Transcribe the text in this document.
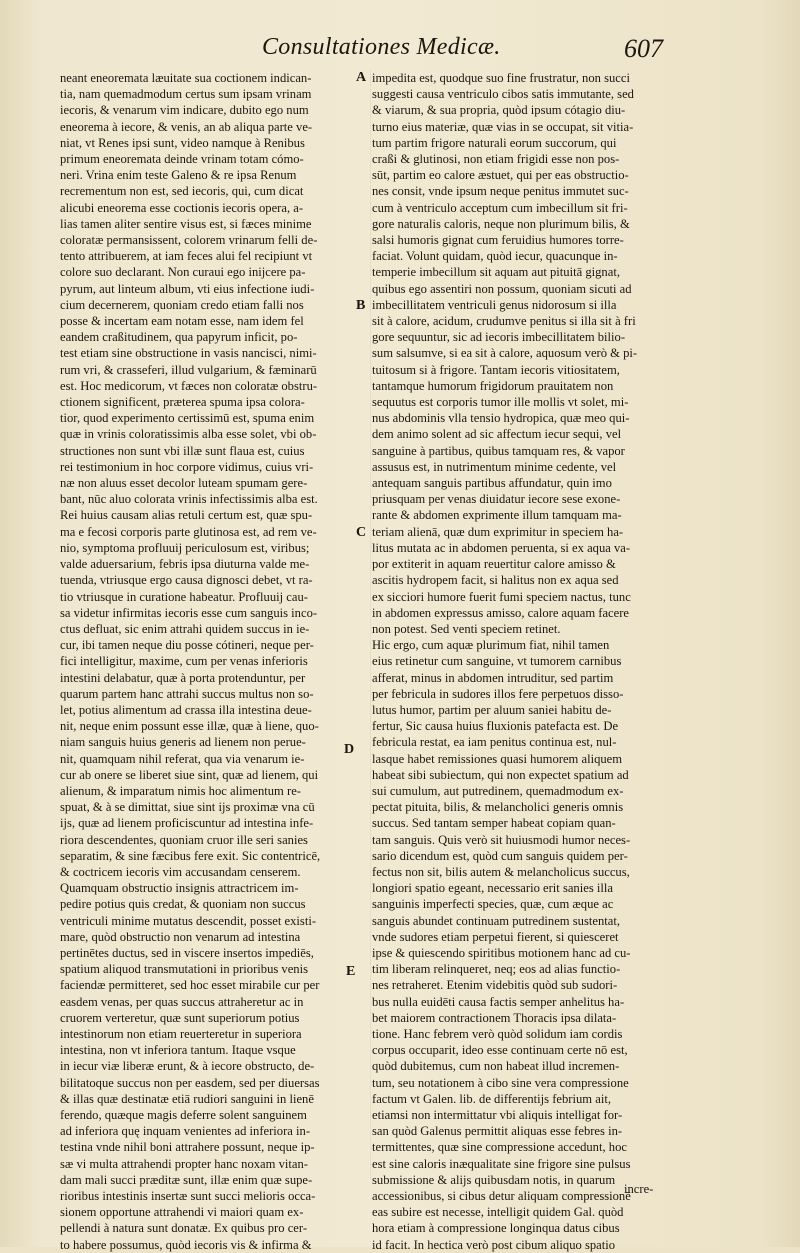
Consultationes Medicæ.	607
neant eneoremata læuitate sua coctionem indican-
tia, nam quemadmodum certus sum ipsam vrinam
iecoris, & venarum vim indicare, dubito ego num
eneorema à iecore, & venis, an ab aliqua parte ve-
niat, vt Renes ipsi sunt, video namque à Renibus
primum eneoremata deinde vrinam totam cómo-
neri. Vrina enim teste Galeno & re ipsa Renum
recrementum non est, sed iecoris, qui, cum dicat
alicubi eneorema esse coctionis iecoris opera, a-
lias tamen aliter sentire visus est, si fæces minime
coloratæ permansissent, colorem vrinarum felli de-
tento attribuerem, at iam feces alui fel recipiunt vt
colore suo declarant. Non curaui ego inijcere pa-
pyrum, aut linteum album, vti eius infectione iudi-
cium decernerem, quoniam credo etiam falli nos
posse & incertam eam notam esse, nam idem fel
eandem craßitudinem, qua papyrum inficit, po-
test etiam sine obstructione in vasis nancisci, nimi-
rum vri, & crasseferi, illud vulgarium, & fæminarū
est. Hoc medicorum, vt fæces non coloratæ obstru-
ctionem significent, præterea spuma ipsa colora-
tior, quod experimento certissimū est, spuma enim
quæ in vrinis coloratissimis alba esse solet, vbi ob-
structiones non sunt vbi illæ sunt flaua est, cuius
rei testimonium in hoc corpore vidimus, cuius vri-
næ non aluus esset decolor luteam spumam gere-
bant, nūc aluo colorata vrinis infectissimis alba est.
Rei huius causam alias retuli certum est, quæ spu-
ma e fecosi corporis parte glutinosa est, ad rem ve-
nio, symptoma profluuij periculosum est, viribus;
valde aduersarium, febris ipsa diuturna valde me-
tuenda, vtriusque ergo causa dignosci debet, vt ra-
tio vtriusque in curatione habeatur. Profluuij cau-
sa videtur infirmitas iecoris esse cum sanguis inco-
ctus defluat, sic enim attrahi quidem succus in ie-
cur, ibi tamen neque diu posse cótineri, neque per-
fici intelligitur, maxime, cum per venas inferioris
intestini delabatur, quæ à porta protenduntur, per
quarum partem hanc attrahi succus multus non so-
let, potius alimentum ad crassa illa intestina deue-
nit, neque enim possunt esse illæ, quæ à liene, quo-
niam sanguis huius generis ad lienem non perue-
nit, quamquam nihil referat, qua via venarum ie-
cur ab onere se liberet siue sint, quæ ad lienem, qui
alienum, & imparatum nimis hoc alimentum re-
spuat, & à se dimittat, siue sint ijs proximæ vna cū
ijs, quæ ad lienem proficiscuntur ad intestina infe-
riora descendentes, quoniam cruor ille seri sanies
separatim, & sine fæcibus fere exit. Sic contentricē,
& coctricem iecoris vim accusandam censerem.
Quamquam obstructio insignis attractricem im-
pedire potius quis credat, & quoniam non succus
ventriculi minime mutatus descendit, posset existi-
mare, quòd obstructio non venarum ad intestina
pertinētes ductus, sed in viscere insertos impediēs,
spatium aliquod transmutationi in prioribus venis
faciendæ permitteret, sed hoc esset mirabile cur per
easdem venas, per quas succus attraheretur ac in
cruorem verteretur, quæ sunt superiorum potius
intestinorum non etiam reuerteretur in superiora
intestina, non vt inferiora tantum. Itaque vsque
in iecur viæ liberæ erunt, & à iecore obstructo, de-
bilitatoque succus non per easdem, sed per diuersas
& illas quæ destinatæ etiā rudiori sanguini in lienē
ferendo, quæque magis deferre solent sanguinem
ad inferiora quę inquam venientes ad inferiora in-
testina vnde nihil boni attrahere possunt, neque ip-
sæ vi multa attrahendi propter hanc noxam vitan-
dam mali succi præditæ sunt, illæ enim quæ supe-
rioribus intestinis insertæ sunt succi melioris occa-
sionem opportune attrahendi vi maiori quam ex-
pellendi à natura sunt donatæ. Ex quibus pro cer-
to habere possumus, quòd iecoris vis & infirma &
impedita est, quodque suo fine frustratur, non succi
suggesti causa ventriculo cibos satis immutante, sed
& viarum, & sua propria, quòd ipsum cótagio diu-
turno eius materiæ, quæ vias in se occupat, sit vitia-
tum partim frigore naturali eorum succorum, qui
craßi & glutinosi, non etiam frigidi esse non pos-
sūt, partim eo calore æstuet, qui per eas obstructio-
nes consit, vnde ipsum neque penitus immutet suc-
cum à ventriculo acceptum cum imbecillum sit fri-
gore naturalis caloris, neque non plurimum bilis, &
salsi humoris gignat cum feruidius humores torre-
faciat. Volunt quidam, quòd iecur, quacunque in-
temperie imbecillum sit aquam aut pituitā gignat,
quibus ego assentiri non possum, quoniam sicuti ad
imbecillitatem ventriculi genus nidorosum si illa
sit à calore, acidum, crudumve penitus si illa sit à fri
gore sequuntur, sic ad iecoris imbecillitatem bilio-
sum salsumve, si ea sit à calore, aquosum verò & pi-
tuitosum si à frigore. Tantam iecoris vitiositatem,
tantamque humorum frigidorum prauitatem non
sequutus est corporis tumor ille mollis vt solet, mi-
nus abdominis vlla tensio hydropica, quæ meo qui-
dem animo solent ad sic affectum iecur sequi, vel
sanguine à partibus, quibus tamquam res, & vapor
assusus est, in nutrimentum minime cedente, vel
antequam sanguis partibus affundatur, quin imo
priusquam per venas diuidatur iecore sese exone-
rante & abdomen exprimente illum tamquam ma-
teriam alienā, quæ dum exprimitur in speciem ha-
litus mutata ac in abdomen peruenta, si ex aqua va-
por extiterit in aquam reuertitur calore amisso &
ascitis hydropem facit, si halitus non ex aqua sed
ex sicciori humore fuerit fumi speciem nactus, tunc
in abdomen expressus amisso, calore aquam facere
non potest. Sed venti speciem retinet.
Hic ergo, cum aquæ plurimum fiat, nihil tamen
eius retinetur cum sanguine, vt tumorem carnibus
afferat, minus in abdomen intruditur, sed partim
per febricula in sudores illos fere perpetuos disso-
lutus humor, partim per aluum saniei habitu de-
fertur, Sic causa huius fluxionis patefacta est. De
febricula restat, ea iam penitus continua est, nul-
lasque habet remissiones quasi humorem aliquem
habeat sibi subiectum, qui non expectet spatium ad
sui cumulum, aut putredinem, quemadmodum ex-
pectat pituita, bilis, & melancholici generis omnis
succus. Sed tantam semper habeat copiam quan-
tam sanguis. Quis verò sit huiusmodi humor neces-
sario dicendum est, quòd cum sanguis quidem per-
fectus non sit, bilis autem & melancholicus succus,
longiori spatio egeant, necessario erit sanies illa
sanguinis imperfecti species, quæ, cum æque ac
sanguis abundet continuam putredinem sustentat,
vnde sudores etiam perpetui fierent, si quiesceret
ipse & quiescendo spiritibus motionem hanc ad cu-
tim liberam relinqueret, neq; eos ad alias functio-
nes retraheret. Etenim videbitis quòd sub sudori-
bus nulla euidēti causa factis semper anhelitus ha-
bet maiorem contractionem Thoracis ipsa dilata-
tione. Hanc febrem verò quòd solidum iam cordis
corpus occuparit, ideo esse continuam certe nō est,
quòd dubitemus, cum non habeat illud incremen-
tum, seu notationem à cibo sine vera compressione
factum vt Galen. lib. de differentijs febrium ait,
etiamsi non intermittatur vbi aliquis intelligat for-
san quòd Galenus permittit aliquas esse febres in-
termittentes, quæ sine compressione accedunt, hoc
est sine caloris inæqualitate sine frigore sine pulsus
submissione & alijs quibusdam notis, in quarum
accessionibus, si cibus detur aliquam compressionē
eas subire est necesse, intelligit quidem Gal. quòd
hora etiam à compressione longinqua datus cibus
id facit. In hectica verò post cibum aliquo spatio
A
B
C
D
E
incre-
